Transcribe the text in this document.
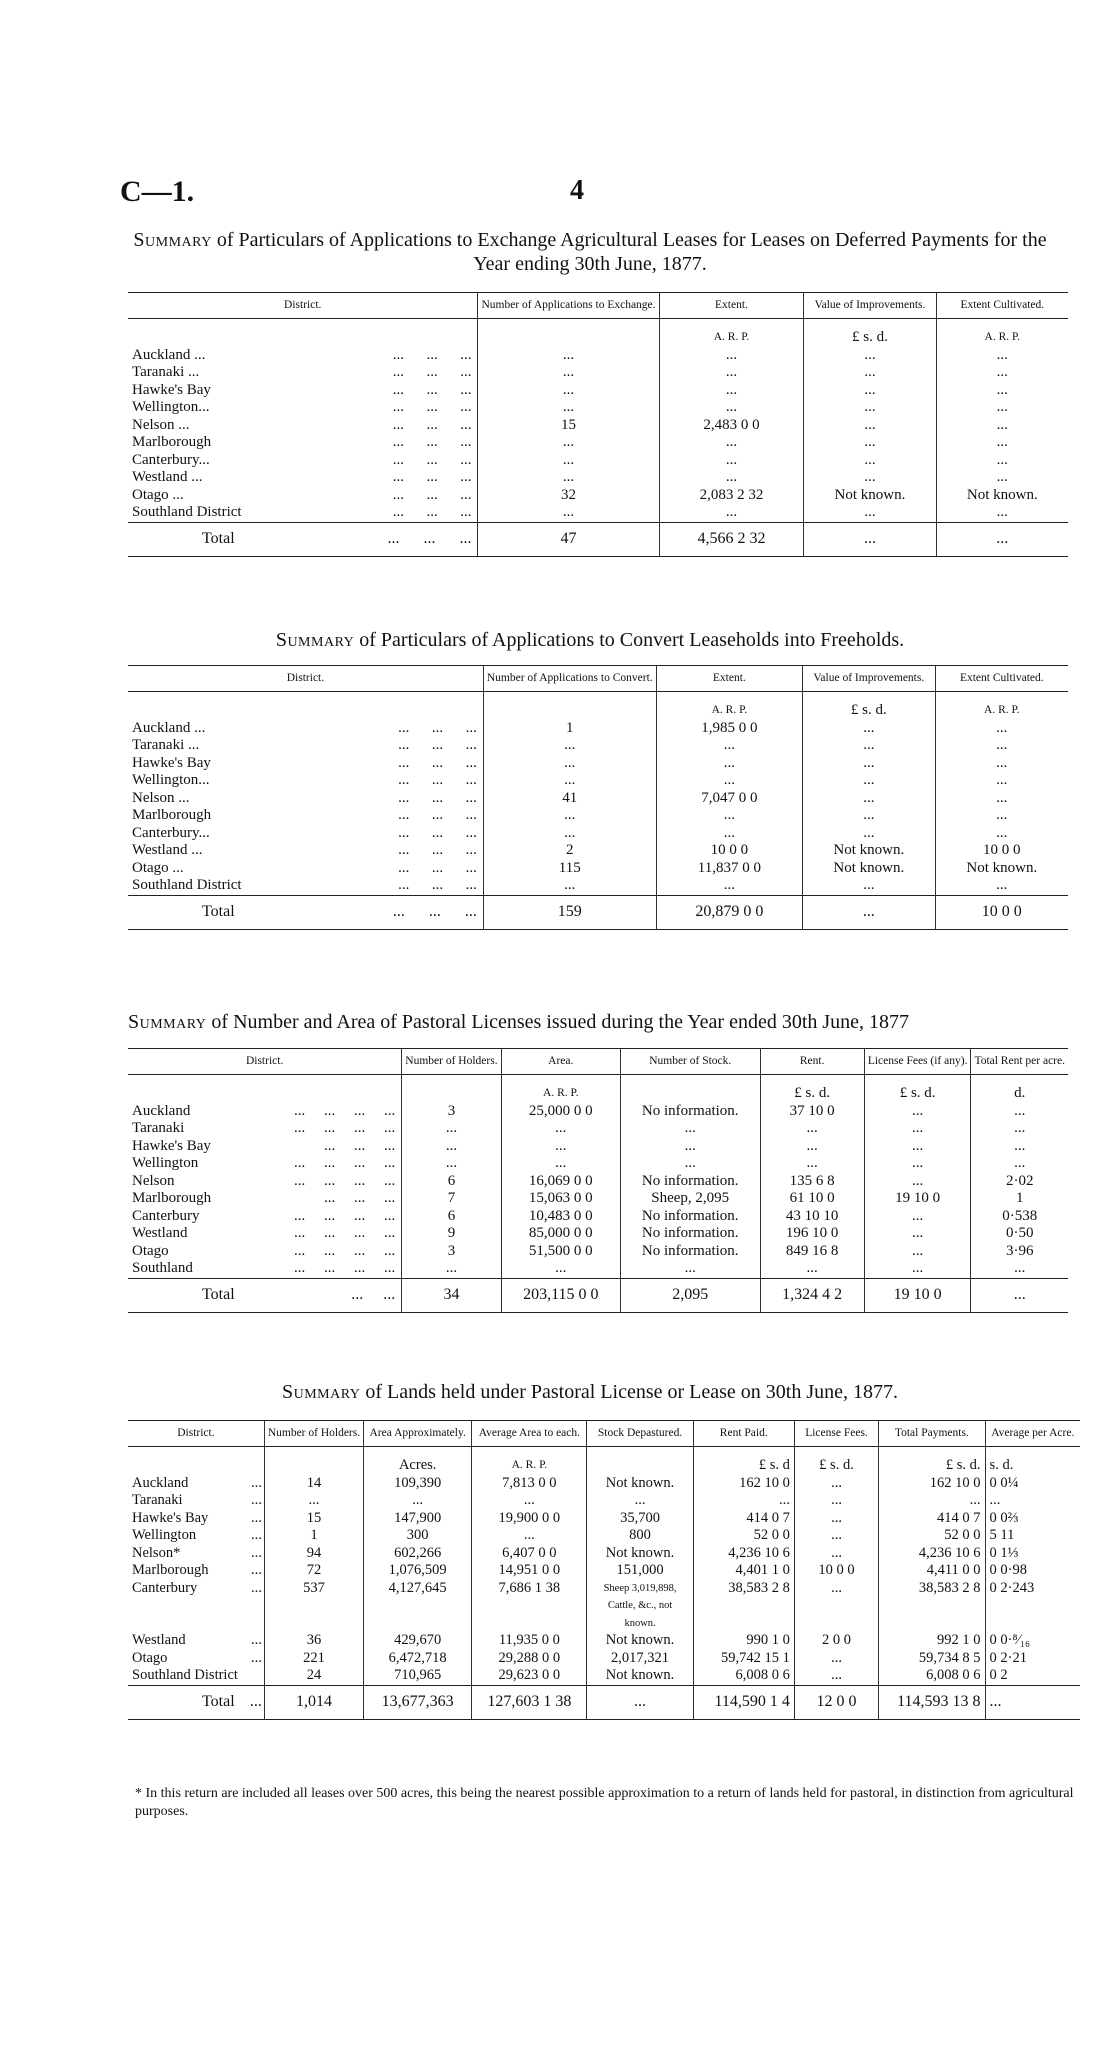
C—1.	4
Summary of Particulars of Applications to Exchange Agricultural Leases for Leases on Deferred Payments for the Year ending 30th June, 1877.
District.	Number of Applications to Exchange.	Extent.	Value of Improvements.	Extent Cultivated.
		A. R. P.	£ s. d.	A. R. P.
Auckland ... ...      ...      ...	...	...	...	...
Taranaki ... ...      ...      ...	...	...	...	...
Hawke's Bay ...      ...      ...	...	...	...	...
Wellington... ...      ...      ...	...	...	...	...
Nelson ... ...      ...      ...	15	2,483 0 0	...	...
Marlborough ...      ...      ...	...	...	...	...
Canterbury... ...      ...      ...	...	...	...	...
Westland ... ...      ...      ...	...	...	...	...
Otago ... ...      ...      ...	32	2,083 2 32	Not known.	Not known.
Southland District ...      ...      ...	...	...	...	...
Total ...      ...      ...	47	4,566 2 32	...	...
Summary of Particulars of Applications to Convert Leaseholds into Freeholds.
District.	Number of Applications to Convert.	Extent.	Value of Improvements.	Extent Cultivated.
		A. R. P.	£ s. d.	A. R. P.
Auckland ... ...      ...      ...	1	1,985 0 0	...	...
Taranaki ... ...      ...      ...	...	...	...	...
Hawke's Bay ...      ...      ...	...	...	...	...
Wellington... ...      ...      ...	...	...	...	...
Nelson ... ...      ...      ...	41	7,047 0 0	...	...
Marlborough ...      ...      ...	...	...	...	...
Canterbury... ...      ...      ...	...	...	...	...
Westland ... ...      ...      ...	2	10 0 0	Not known.	10 0 0
Otago ... ...      ...      ...	115	11,837 0 0	Not known.	Not known.
Southland District ...      ...      ...	...	...	...	...
Total ...      ...      ...	159	20,879 0 0	...	10 0 0
Summary of Number and Area of Pastoral Licenses issued during the Year ended 30th June, 1877
District.	Number of Holders.	Area.	Number of Stock.	Rent.	License Fees (if any).	Total Rent per acre.
		A. R. P.		£ s. d.	£ s. d.	d.
Auckland ...     ...     ...     ...	3	25,000 0 0	No information.	37 10 0	...	...
Taranaki ...     ...     ...     ...	...	...	...	...	...	...
Hawke's Bay ...     ...     ...	...	...	...	...	...	...
Wellington ...     ...     ...     ...	...	...	...	...	...	...
Nelson ...     ...     ...     ...	6	16,069 0 0	No information.	135 6 8	...	2·02
Marlborough ...     ...     ...	7	15,063 0 0	Sheep, 2,095	61 10 0	19 10 0	1
Canterbury ...     ...     ...     ...	6	10,483 0 0	No information.	43 10 10	...	0·538
Westland ...     ...     ...     ...	9	85,000 0 0	No information.	196 10 0	...	0·50
Otago ...     ...     ...     ...	3	51,500 0 0	No information.	849 16 8	...	3·96
Southland ...     ...     ...     ...	...	...	...	...	...	...
Total ...     ...	34	203,115 0 0	2,095	1,324 4 2	19 10 0	...
Summary of Lands held under Pastoral License or Lease on 30th June, 1877.
District.	Number of Holders.	Area Approximately.	Average Area to each.	Stock Depastured.	Rent Paid.	License Fees.	Total Payments.	Average per Acre.
		Acres.	A. R. P.		£ s. d	£ s. d.	£ s. d.	s. d.
Auckland ...	14	109,390	7,813 0 0	Not known.	162 10 0	...	162 10 0	0 0¼
Taranaki ...	...	...	...	...	...	...	...	...
Hawke's Bay ...	15	147,900	19,900 0 0	35,700	414 0 7	...	414 0 7	0 0⅔
Wellington ...	1	300	...	800	52 0 0	...	52 0 0	5 11
Nelson* ...	94	602,266	6,407 0 0	Not known.	4,236 10 6	...	4,236 10 6	0 1⅓
Marlborough ...	72	1,076,509	14,951 0 0	151,000	4,401 1 0	10 0 0	4,411 0 0	0 0·98
Canterbury ...	537	4,127,645	7,686 1 38	Sheep 3,019,898, Cattle, &c., not known.	38,583 2 8	...	38,583 2 8	0 2·243
Westland ...	36	429,670	11,935 0 0	Not known.	990 1 0	2 0 0	992 1 0	0 0·⁸⁄₁₆
Otago ...	221	6,472,718	29,288 0 0	2,017,321	59,742 15 1	...	59,734 8 5	0 2·21
Southland District	24	710,965	29,623 0 0	Not known.	6,008 0 6	...	6,008 0 6	0 2
Total ...	1,014	13,677,363	127,603 1 38	...	114,590 1 4	12 0 0	114,593 13 8	...
* In this return are included all leases over 500 acres, this being the nearest possible approximation to a return of lands held for pastoral, in distinction from agricultural purposes.
